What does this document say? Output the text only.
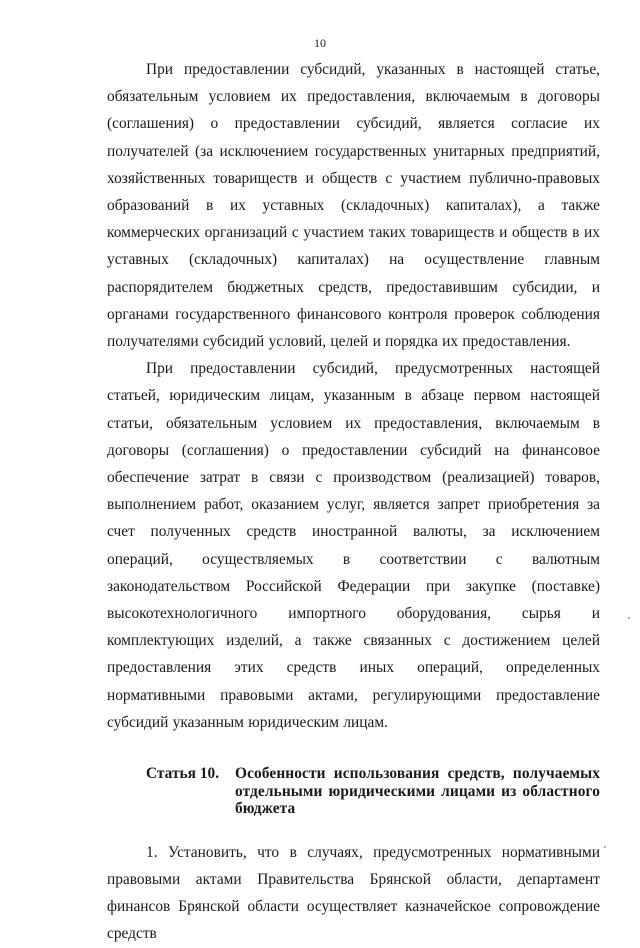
10

При предоставлении субсидий, указанных в настоящей статье, обязательным условием их предоставления, включаемым в договоры (соглашения) о предоставлении субсидий, является согласие их получателей (за исключением государственных унитарных предприятий, хозяйственных товариществ и обществ с участием публично-правовых образований в их уставных (складочных) капиталах), а также коммерческих организаций с участием таких товариществ и обществ в их уставных (складочных) капиталах) на осуществление главным распорядителем бюджетных средств, предоставившим субсидии, и органами государственного финансового контроля проверок соблюдения получателями субсидий условий, целей и порядка их предоставления.

При предоставлении субсидий, предусмотренных настоящей статьей, юридическим лицам, указанным в абзаце первом настоящей статьи, обязательным условием их предоставления, включаемым в договоры (соглашения) о предоставлении субсидий на финансовое обеспечение затрат в связи с производством (реализацией) товаров, выполнением работ, оказанием услуг, является запрет приобретения за счет полученных средств иностранной валюты, за исключением операций, осуществляемых в соответствии с валютным законодательством Российской Федерации при закупке (поставке) высокотехнологичного импортного оборудования, сырья и комплектующих изделий, а также связанных с достижением целей предоставления этих средств иных операций, определенных нормативными правовыми актами, регулирующими предоставление субсидий указанным юридическим лицам.

Статья 10.	Особенности использования средств, получаемых отдельными юридическими лицами из областного бюджета

1. Установить, что в случаях, предусмотренных нормативными правовыми актами Правительства Брянской области, департамент финансов Брянской области осуществляет казначейское сопровождение средств
